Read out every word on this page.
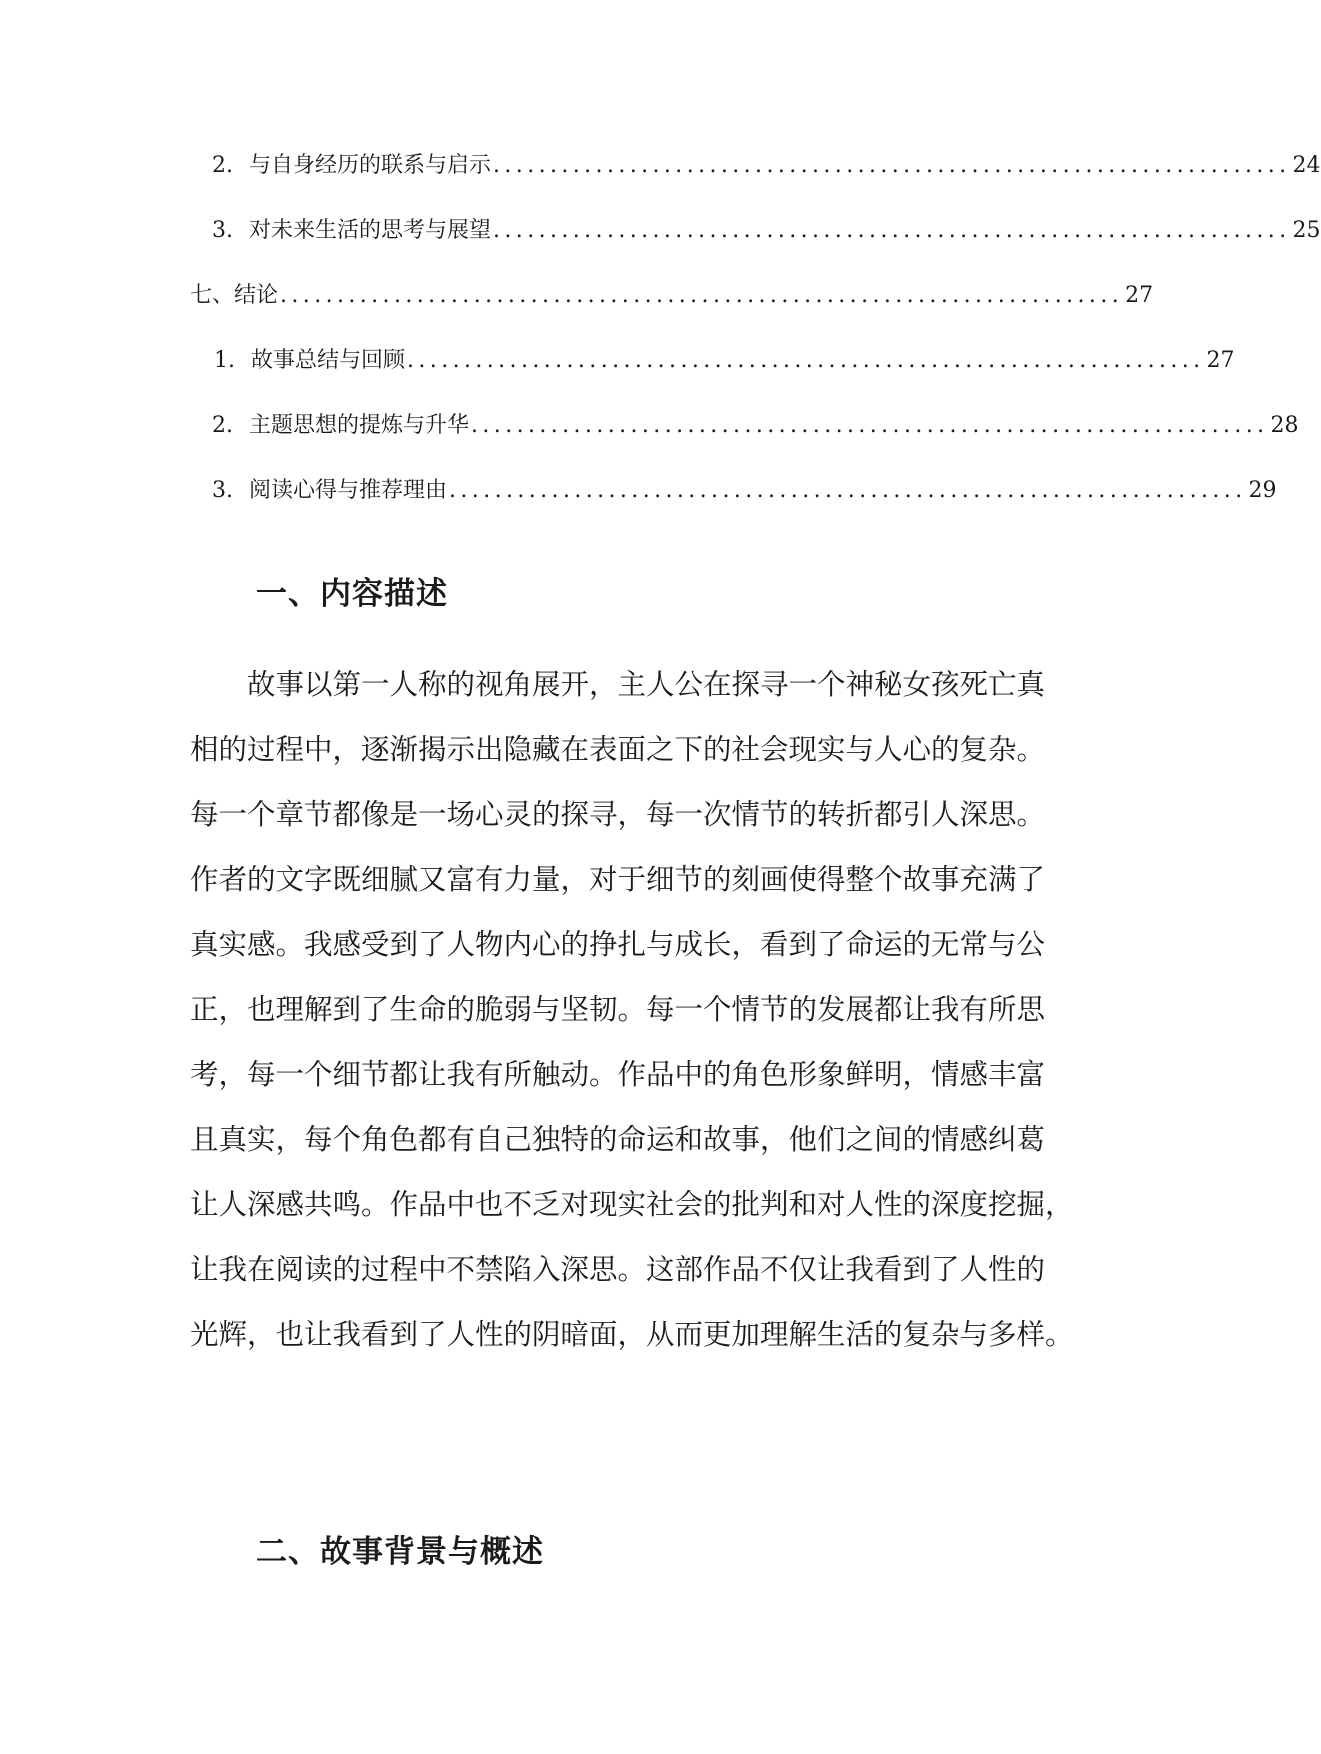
2. 与自身经历的联系与启示 ...................................................................... 24
3. 对未来生活的思考与展望 ...................................................................... 25
七、结论 .......................................................................... 27
1. 故事总结与回顾 ...................................................................... 27
2. 主题思想的提炼与升华 ...................................................................... 28
3. 阅读心得与推荐理由 ...................................................................... 29
一、内容描述
故事以第一人称的视角展开，主人公在探寻一个神秘女孩死亡真
相的过程中，逐渐揭示出隐藏在表面之下的社会现实与人心的复杂。
每一个章节都像是一场心灵的探寻，每一次情节的转折都引人深思。
作者的文字既细腻又富有力量，对于细节的刻画使得整个故事充满了
真实感。我感受到了人物内心的挣扎与成长，看到了命运的无常与公
正，也理解到了生命的脆弱与坚韧。每一个情节的发展都让我有所思
考，每一个细节都让我有所触动。作品中的角色形象鲜明，情感丰富
且真实，每个角色都有自己独特的命运和故事，他们之间的情感纠葛
让人深感共鸣。作品中也不乏对现实社会的批判和对人性的深度挖掘，
让我在阅读的过程中不禁陷入深思。这部作品不仅让我看到了人性的
光辉，也让我看到了人性的阴暗面，从而更加理解生活的复杂与多样。
二、故事背景与概述
